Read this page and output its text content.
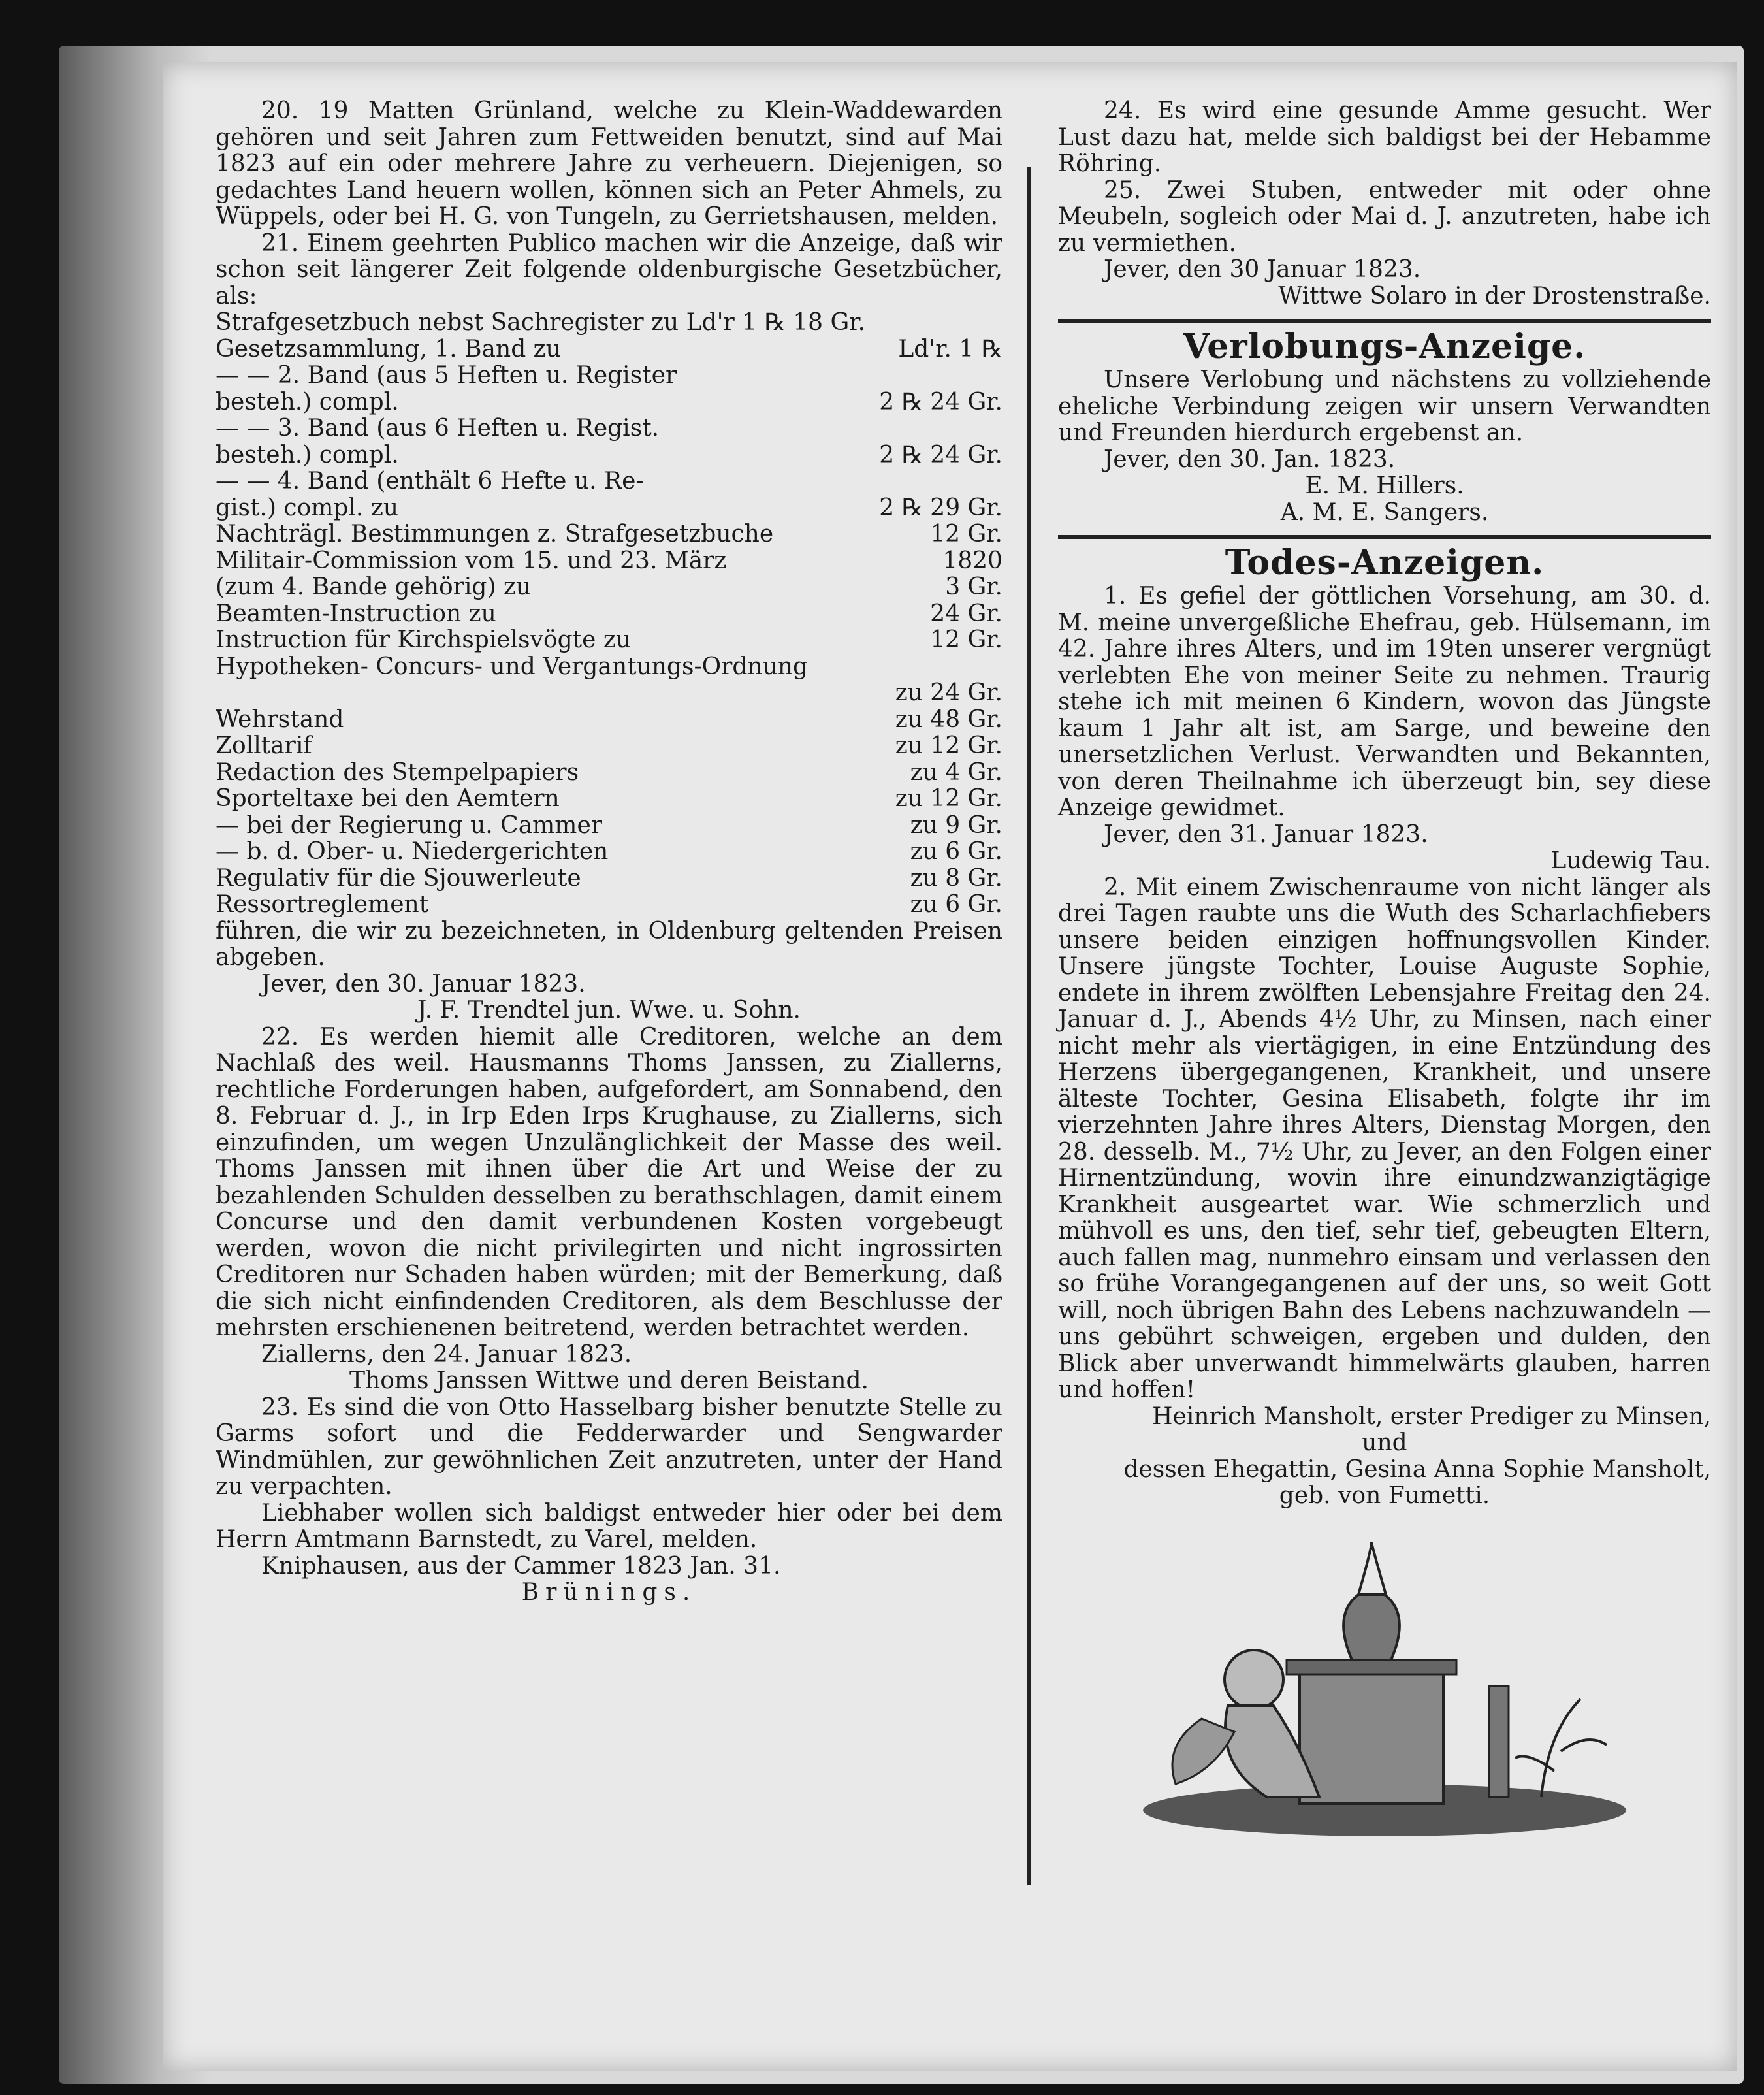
20. 19 Matten Grünland, welche zu Klein-Waddewarden gehören und seit Jahren zum Fettweiden benutzt, sind auf Mai 1823 auf ein oder mehrere Jahre zu verheuern. Diejenigen, so gedachtes Land heuern wollen, können sich an Peter Ahmels, zu Wüppels, oder bei H. G. von Tungeln, zu Gerrietshausen, melden.

21. Einem geehrten Publico machen wir die Anzeige, daß wir schon seit längerer Zeit folgende oldenburgische Gesetzbücher, als:

Strafgesetzbuch nebst Sachregister zu Ld'r 1 ℞ 18 Gr.
Gesetzsammlung, 1. Band zu	Ld'r. 1 ℞
— — 2. Band (aus 5 Heften u. Register
besteh.) compl.	2 ℞ 24 Gr.
— — 3. Band (aus 6 Heften u. Regist.
besteh.) compl.	2 ℞ 24 Gr.
— — 4. Band (enthält 6 Hefte u. Re-
gist.) compl. zu	2 ℞ 29 Gr.
Nachträgl. Bestimmungen z. Strafgesetzbuche	12 Gr.
Militair-Commission vom 15. und 23. März	1820
(zum 4. Bande gehörig) zu	3 Gr.
Beamten-Instruction zu	24 Gr.
Instruction für Kirchspielsvögte zu	12 Gr.
Hypotheken- Concurs- und Vergantungs-Ordnung
zu 24 Gr.
Wehrstand	zu 48 Gr.
Zolltarif	zu 12 Gr.
Redaction des Stempelpapiers	zu 4 Gr.
Sporteltaxe bei den Aemtern	zu 12 Gr.
— bei der Regierung u. Cammer	zu 9 Gr.
— b. d. Ober- u. Niedergerichten	zu 6 Gr.
Regulativ für die Sjouwerleute	zu 8 Gr.
Ressortreglement	zu 6 Gr.

führen, die wir zu bezeichneten, in Oldenburg geltenden Preisen abgeben.

Jever, den 30. Januar 1823.

J. F. Trendtel jun. Wwe. u. Sohn.

22. Es werden hiemit alle Creditoren, welche an dem Nachlaß des weil. Hausmanns Thoms Janssen, zu Ziallerns, rechtliche Forderungen haben, aufgefordert, am Sonnabend, den 8. Februar d. J., in Irp Eden Irps Krughause, zu Ziallerns, sich einzufinden, um wegen Unzulänglichkeit der Masse des weil. Thoms Janssen mit ihnen über die Art und Weise der zu bezahlenden Schulden desselben zu berathschlagen, damit einem Concurse und den damit verbundenen Kosten vorgebeugt werden, wovon die nicht privilegirten und nicht ingrossirten Creditoren nur Schaden haben würden; mit der Bemerkung, daß die sich nicht einfindenden Creditoren, als dem Beschlusse der mehrsten erschienenen beitretend, werden betrachtet werden.

Ziallerns, den 24. Januar 1823.

Thoms Janssen Wittwe und deren Beistand.

23. Es sind die von Otto Hasselbarg bisher benutzte Stelle zu Garms sofort und die Fedderwarder und Sengwarder Windmühlen, zur gewöhnlichen Zeit anzutreten, unter der Hand zu verpachten.

Liebhaber wollen sich baldigst entweder hier oder bei dem Herrn Amtmann Barnstedt, zu Varel, melden.

Kniphausen, aus der Cammer 1823 Jan. 31.

Brünings.

24. Es wird eine gesunde Amme gesucht. Wer Lust dazu hat, melde sich baldigst bei der Hebamme Röhring.

25. Zwei Stuben, entweder mit oder ohne Meubeln, sogleich oder Mai d. J. anzutreten, habe ich zu vermiethen.

Jever, den 30 Januar 1823.

Wittwe Solaro in der Drostenstraße.

Verlobungs-Anzeige.

Unsere Verlobung und nächstens zu vollziehende eheliche Verbindung zeigen wir unsern Verwandten und Freunden hierdurch ergebenst an.

Jever, den 30. Jan. 1823.

E. M. Hillers.

A. M. E. Sangers.

Todes-Anzeigen.

1. Es gefiel der göttlichen Vorsehung, am 30. d. M. meine unvergeßliche Ehefrau, geb. Hülsemann, im 42. Jahre ihres Alters, und im 19ten unserer vergnügt verlebten Ehe von meiner Seite zu nehmen. Traurig stehe ich mit meinen 6 Kindern, wovon das Jüngste kaum 1 Jahr alt ist, am Sarge, und beweine den unersetzlichen Verlust. Verwandten und Bekannten, von deren Theilnahme ich überzeugt bin, sey diese Anzeige gewidmet.

Jever, den 31. Januar 1823.

Ludewig Tau.

2. Mit einem Zwischenraume von nicht länger als drei Tagen raubte uns die Wuth des Scharlachfiebers unsere beiden einzigen hoffnungsvollen Kinder. Unsere jüngste Tochter, Louise Auguste Sophie, endete in ihrem zwölften Lebensjahre Freitag den 24. Januar d. J., Abends 4½ Uhr, zu Minsen, nach einer nicht mehr als viertägigen, in eine Entzündung des Herzens übergegangenen, Krankheit, und unsere älteste Tochter, Gesina Elisabeth, folgte ihr im vierzehnten Jahre ihres Alters, Dienstag Morgen, den 28. desselb. M., 7½ Uhr, zu Jever, an den Folgen einer Hirnentzündung, wovin ihre einundzwanzigtägige Krankheit ausgeartet war. Wie schmerzlich und mühvoll es uns, den tief, sehr tief, gebeugten Eltern, auch fallen mag, nunmehro einsam und verlassen den so frühe Vorangegangenen auf der uns, so weit Gott will, noch übrigen Bahn des Lebens nachzuwandeln — uns gebührt schweigen, ergeben und dulden, den Blick aber unverwandt himmelwärts glauben, harren und hoffen!

Heinrich Mansholt, erster Prediger zu Minsen,

und

dessen Ehegattin, Gesina Anna Sophie Mansholt,

geb. von Fumetti.
